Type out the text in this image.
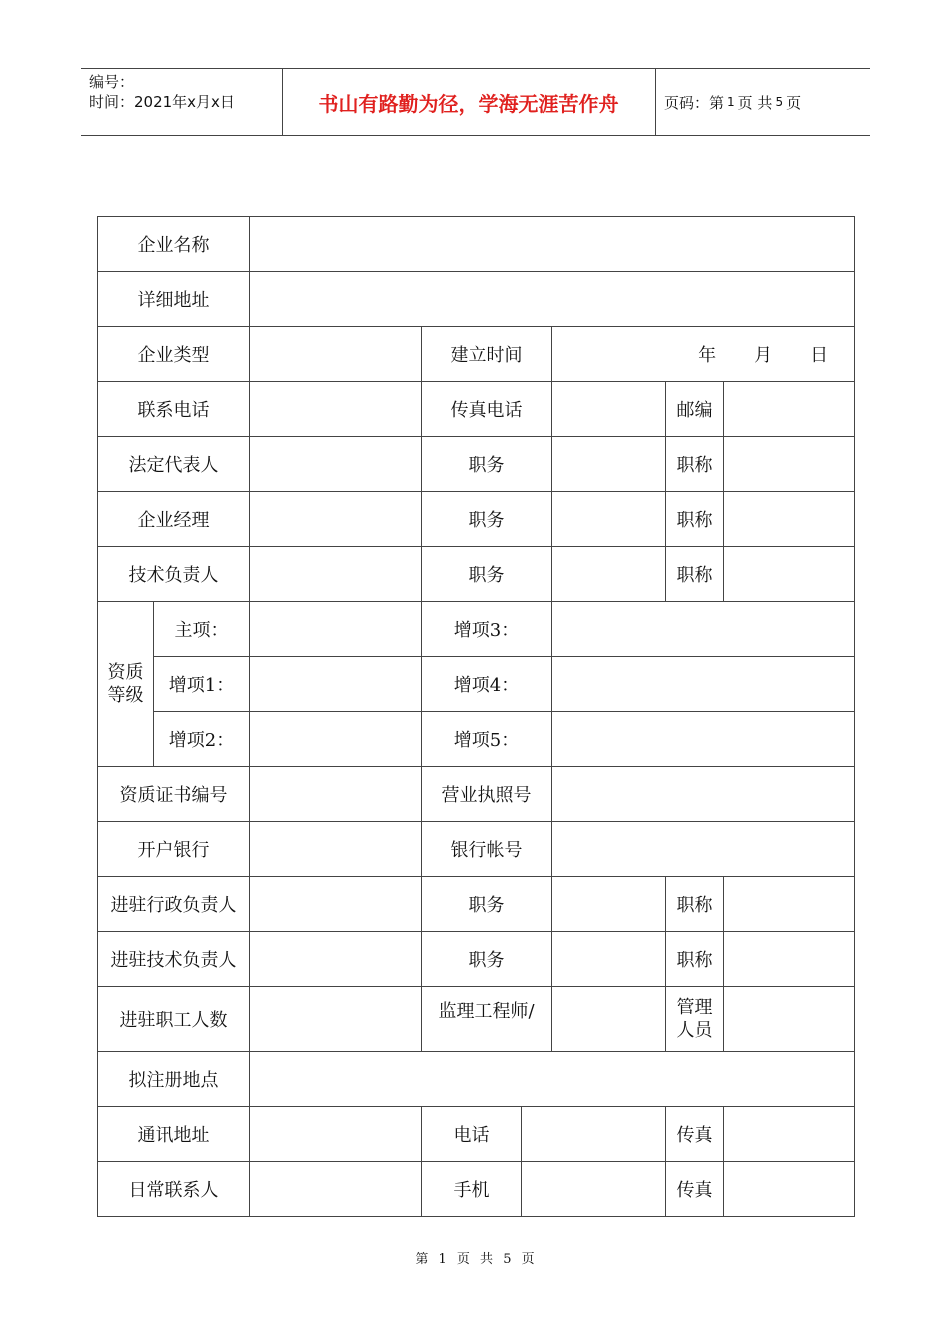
编号：
时间：2021年x月x日	书山有路勤为径，学海无涯苦作舟	页码：第 1 页 共 5 页
企业名称							
详细地址							
企业类型			建立时间		年 月 日		
联系电话			传真电话			邮编	
法定代表人			职务			职称	
企业经理			职务			职称	
技术负责人			职务			职称	

资质
等级	主项：		增项3：				
	增项1：		增项4：				
	增项2：		增项5：				
资质证书编号			营业执照号				
开户银行			银行帐号				
进驻行政负责人			职务			职称	
进驻技术负责人			职务			职称	
进驻职工人数			监理工程师/			管理
人员	

拟注册地点							
通讯地址			电话			传真	
日常联系人			手机			传真	
第 1 页 共 5 页
